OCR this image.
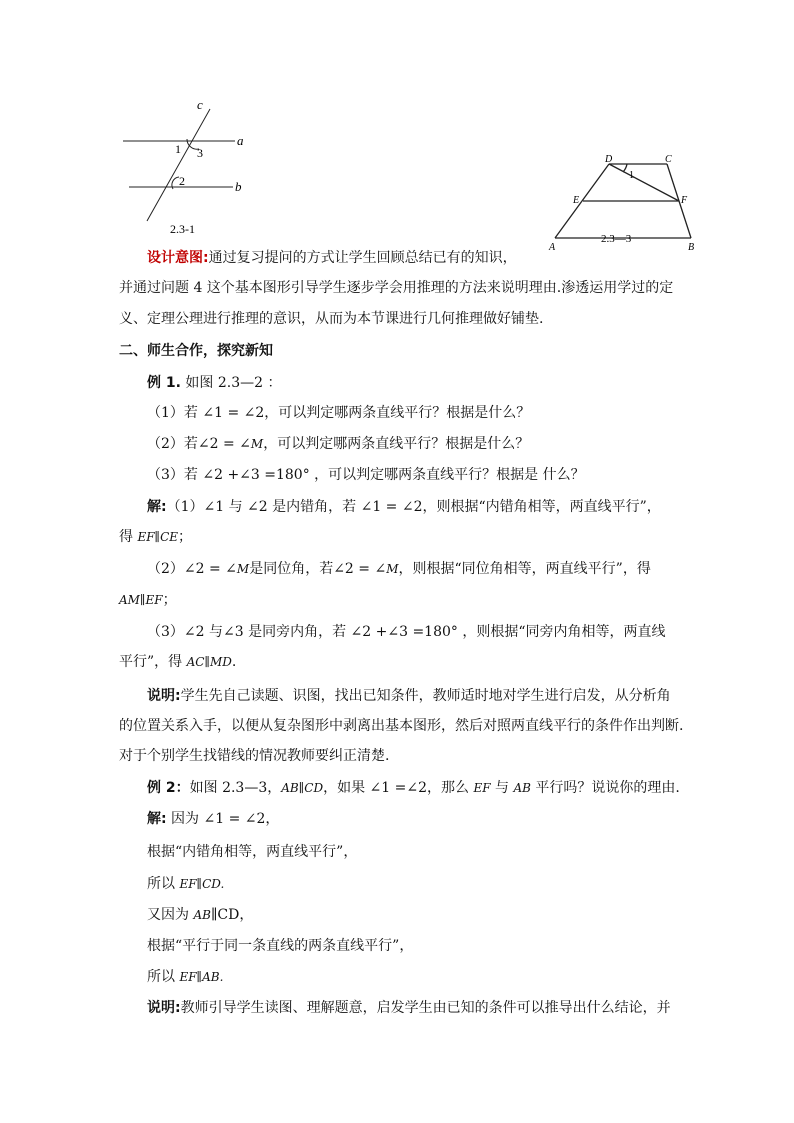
c
a
b
1 3
2
2.3-1
D	C
E	F
A	B
1
2.3—3
设计意图:通过复习提问的方式让学生回顾总结已有的知识，
并通过问题 4 这个基本图形引导学生逐步学会用推理的方法来说明理由.渗透运用学过的定
义、定理公理进行推理的意识，从而为本节课进行几何推理做好铺垫.
二、师生合作，探究新知
例 1. 如图 2.3—2 ：
（1）若 ∠1 = ∠2，可以判定哪两条直线平行？根据是什么？
（2）若∠2 = ∠M，可以判定哪两条直线平行？根据是什么？
（3）若 ∠2 +∠3 =180° ，可以判定哪两条直线平行？根据是 什么？
解:（1）∠1 与 ∠2 是内错角，若 ∠1 = ∠2，则根据“内错角相等，两直线平行”，
得 EF∥CE；
（2）∠2 = ∠M是同位角，若∠2 = ∠M，则根据“同位角相等，两直线平行”，得
AM∥EF；
（3）∠2 与∠3 是同旁内角，若 ∠2 +∠3 =180° ，则根据“同旁内角相等，两直线
平行”，得 AC∥MD.
说明:学生先自己读题、识图，找出已知条件，教师适时地对学生进行启发，从分析角
的位置关系入手，以便从复杂图形中剥离出基本图形，然后对照两直线平行的条件作出判断.
对于个别学生找错线的情况教师要纠正清楚.
例 2：如图 2.3—3，AB∥CD，如果 ∠1 =∠2，那么 EF 与 AB 平行吗？说说你的理由.
解: 因为 ∠1 = ∠2，
根据“内错角相等，两直线平行”，
所以 EF∥CD.
又因为 AB∥CD，
根据“平行于同一条直线的两条直线平行”，
所以 EF∥AB.
说明:教师引导学生读图、理解题意，启发学生由已知的条件可以推导出什么结论，并
